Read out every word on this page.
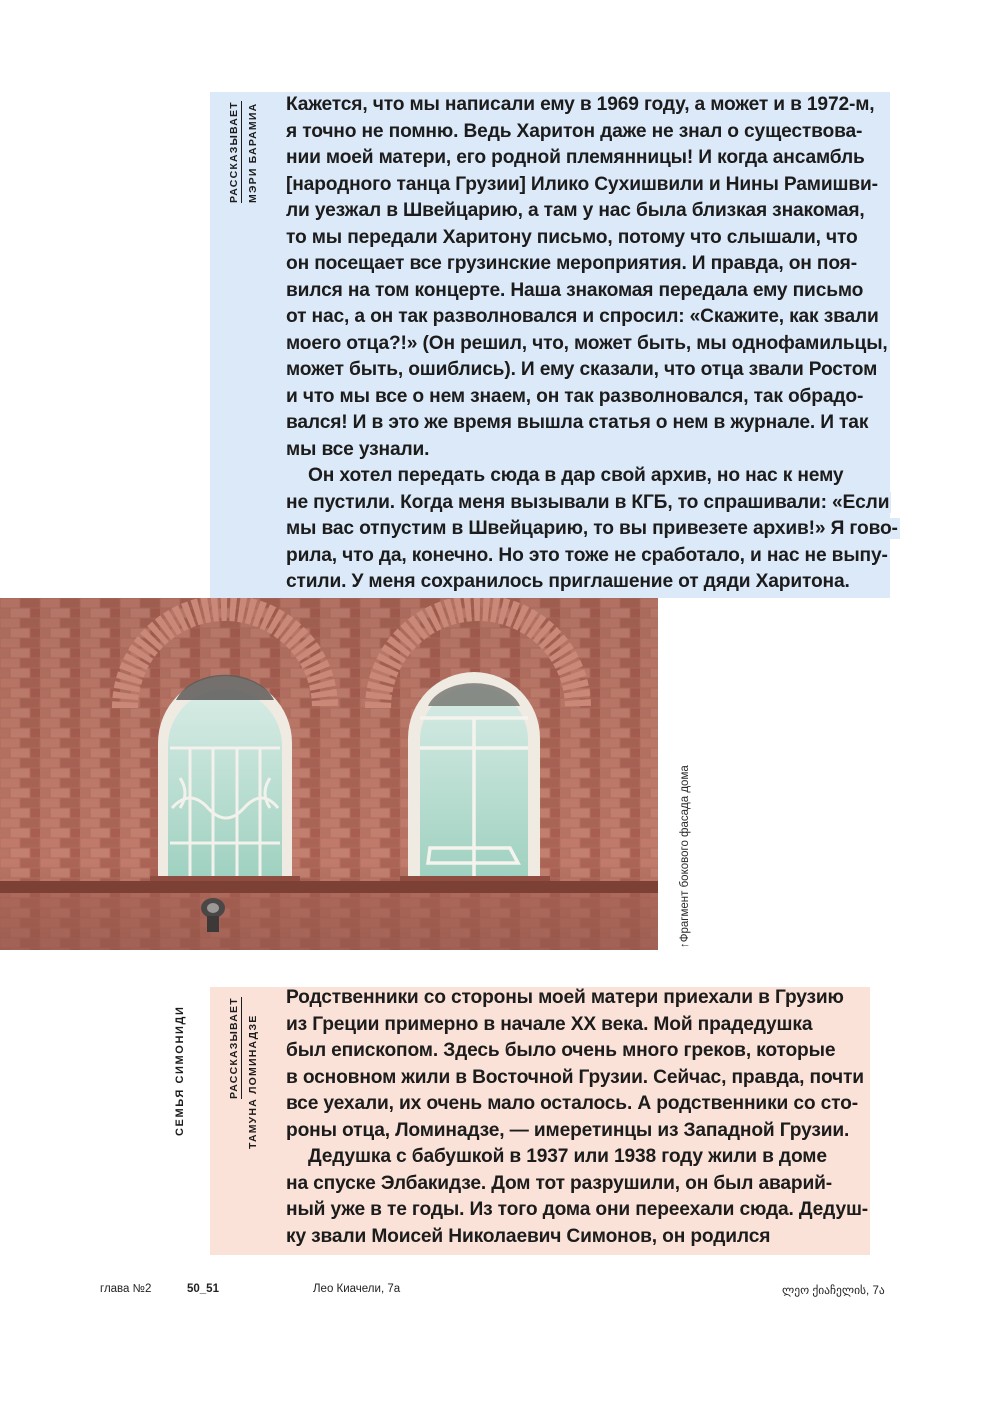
РАССКАЗЫВАЕТ МЭРИ БАРАМИА Кажется, что мы написали ему в 1969 году, а может и в 1972-м,
я точно не помню. Ведь Харитон даже не знал о существова-
нии моей матери, его родной племянницы! И когда ансамбль
[народного танца Грузии] Илико Сухишвили и Нины Рамишви-
ли уезжал в Швейцарию, а там у нас была близкая знакомая,
то мы передали Харитону письмо, потому что слышали, что
он посещает все грузинские мероприятия. И правда, он поя-
вился на том концерте. Наша знакомая передала ему письмо
от нас, а он так разволновался и спросил: «Скажите, как звали
моего отца?!» (Он решил, что, может быть, мы однофамильцы,
может быть, ошиблись). И ему сказали, что отца звали Ростом
и что мы все о нем знаем, он так разволновался, так обрадо-
вался! И в это же время вышла статья о нем в журнале. И так
мы все узнали.
Он хотел передать сюда в дар свой архив, но нас к нему
не пустили. Когда меня вызывали в КГБ, то спрашивали: «Если
мы вас отпустим в Швейцарию, то вы привезете архив!» Я гово-
рила, что да, конечно. Но это тоже не сработало, и нас не выпу-
стили. У меня сохранилось приглашение от дяди Харитона.
↑Фрагмент бокового фасада дома
СЕМЬЯ СИМОНИДИ	РАССКАЗЫВАЕТ ТАМУНА ЛОМИНАДЗЕ
Родственники со стороны моей матери приехали в Грузию
из Греции примерно в начале XX века. Мой прадедушка
был епископом. Здесь было очень много греков, которые
в основном жили в Восточной Грузии. Сейчас, правда, почти
все уехали, их очень мало осталось. А родственники со сто-
роны отца, Ломинадзе, — имеретинцы из Западной Грузии.
Дедушка с бабушкой в 1937 или 1938 году жили в доме
на спуске Элбакидзе. Дом тот разрушили, он был аварий-
ный уже в те годы. Из того дома они переехали сюда. Дедуш-
ку звали Моисей Николаевич Симонов, он родился
глава №2	50_51	Лео Киачели, 7а	ლეო ქიაჩელის, 7ა
